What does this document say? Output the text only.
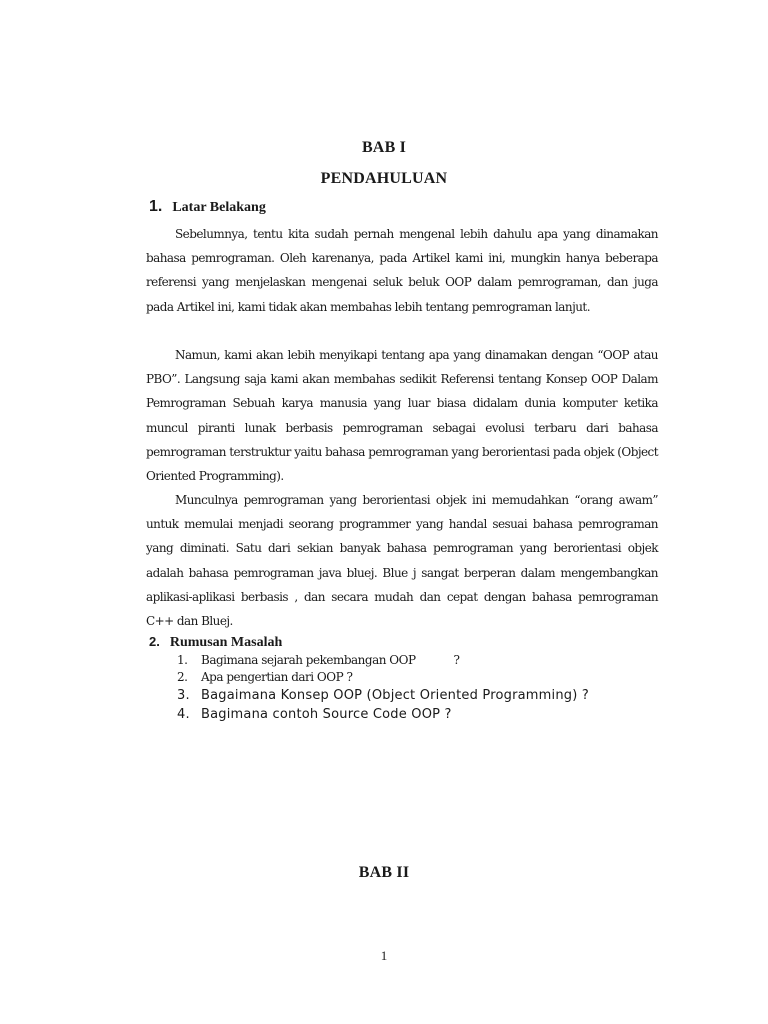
BAB I
PENDAHULUAN
1. Latar Belakang

Sebelumnya, tentu kita sudah pernah mengenal lebih dahulu apa yang dinamakan bahasa pemrograman. Oleh karenanya, pada Artikel kami ini, mungkin hanya beberapa referensi yang menjelaskan mengenai seluk beluk OOP dalam pemrograman, dan juga pada Artikel ini, kami tidak akan membahas lebih tentang pemrograman lanjut.

Namun, kami akan lebih menyikapi tentang apa yang dinamakan dengan “OOP atau PBO”. Langsung saja kami akan membahas sedikit Referensi tentang Konsep OOP Dalam Pemrograman Sebuah karya manusia yang luar biasa didalam dunia komputer ketika muncul piranti lunak berbasis pemrograman sebagai evolusi terbaru dari bahasa pemrograman terstruktur yaitu bahasa pemrograman yang berorientasi pada objek (Object Oriented Programming).

Munculnya pemrograman yang berorientasi objek ini memudahkan “orang awam” untuk memulai menjadi seorang programmer yang handal sesuai bahasa pemrograman yang diminati. Satu dari sekian banyak bahasa pemrograman yang berorientasi objek adalah bahasa pemrograman java bluej. Blue j sangat berperan dalam mengembangkan aplikasi-aplikasi berbasis , dan secara mudah dan cepat dengan bahasa pemrograman C++ dan Bluej.

2. Rumusan Masalah
1. Bagimana sejarah pekembangan OOP	?
2. Apa pengertian dari OOP ?
3. Bagaimana Konsep OOP (Object Oriented Programming) ?
4. Bagimana contoh Source Code OOP ?
BAB II
1
